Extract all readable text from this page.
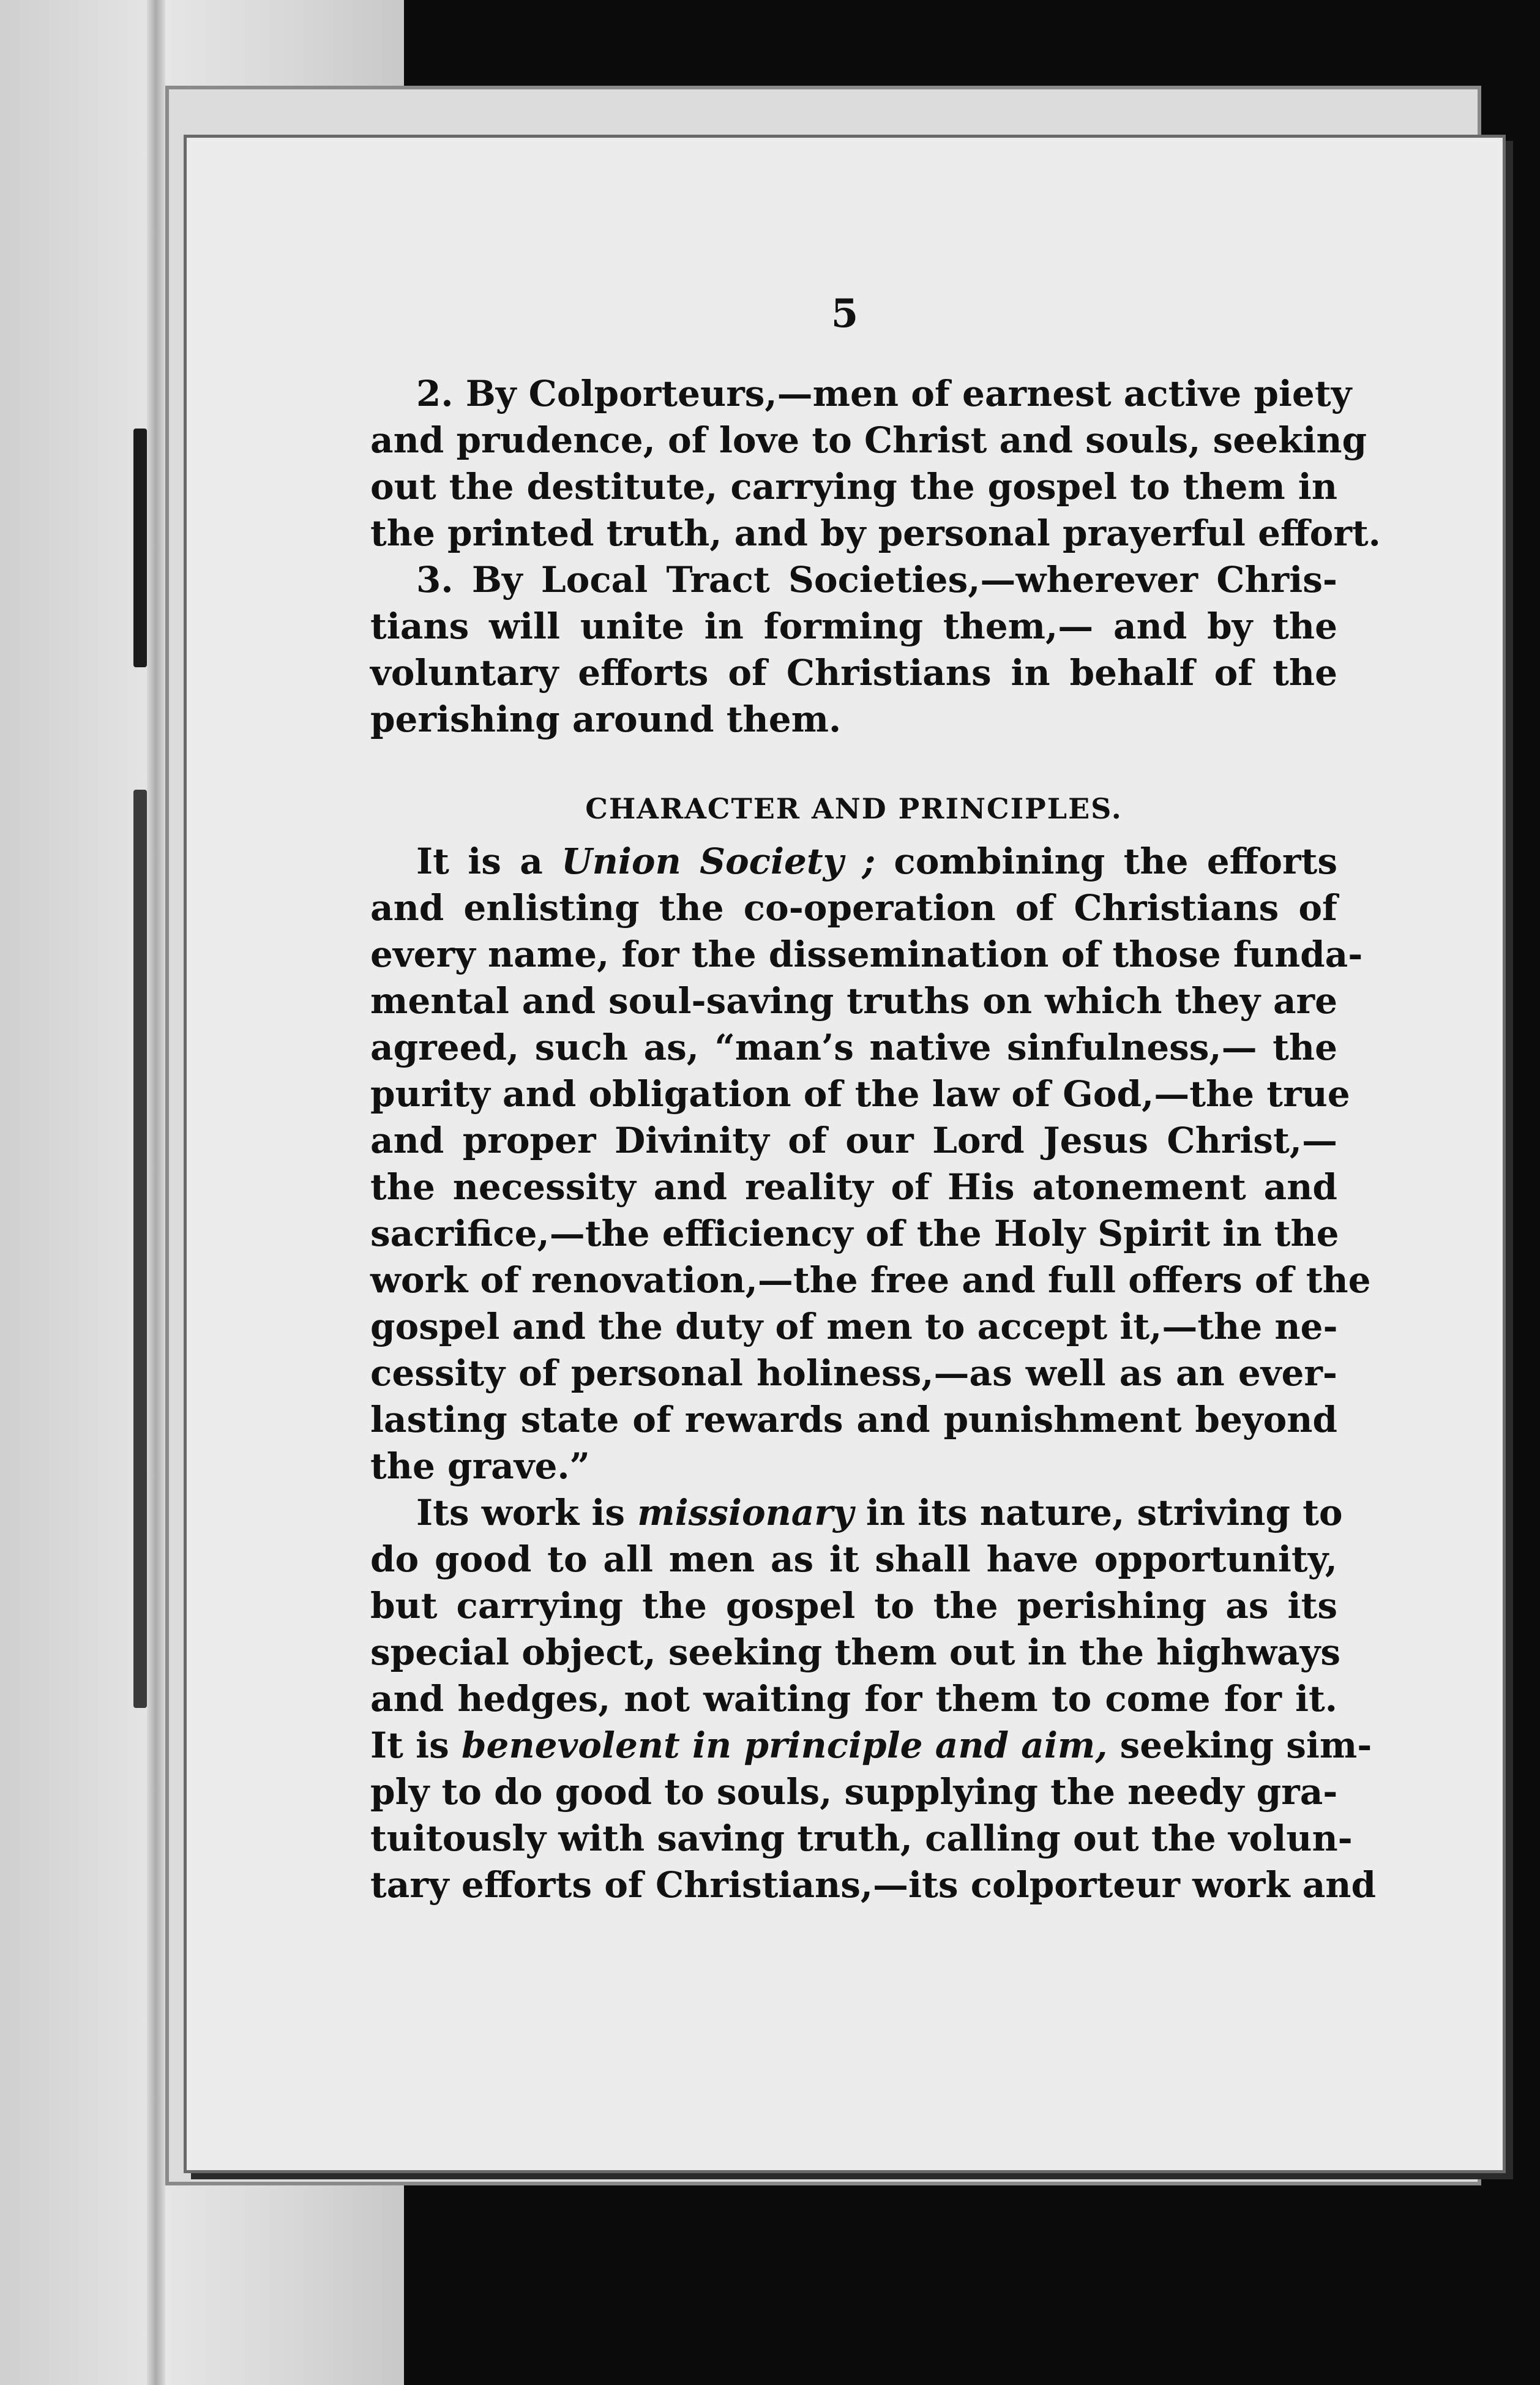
5
2. By Colporteurs,—men of earnest active piety
and prudence, of love to Christ and souls, seeking
out the destitute, carrying the gospel to them in
the printed truth, and by personal prayerful effort.
3. By Local Tract Societies,—wherever Chris-
tians will unite in forming them,— and by the
voluntary efforts of Christians in behalf of the
perishing around them.
CHARACTER AND PRINCIPLES.
It is a Union Society ; combining the efforts
and enlisting the co-operation of Christians of
every name, for the dissemination of those funda-
mental and soul-saving truths on which they are
agreed, such as, “man’s native sinfulness,— the
purity and obligation of the law of God,—the true
and proper Divinity of our Lord Jesus Christ,—
the necessity and reality of His atonement and
sacrifice,—the efficiency of the Holy Spirit in the
work of renovation,—the free and full offers of the
gospel and the duty of men to accept it,—the ne-
cessity of personal holiness,—as well as an ever-
lasting state of rewards and punishment beyond
the grave.”
Its work is missionary in its nature, striving to
do good to all men as it shall have opportunity,
but carrying the gospel to the perishing as its
special object, seeking them out in the highways
and hedges, not waiting for them to come for it.
It is benevolent in principle and aim, seeking sim-
ply to do good to souls, supplying the needy gra-
tuitously with saving truth, calling out the volun-
tary efforts of Christians,—its colporteur work and
